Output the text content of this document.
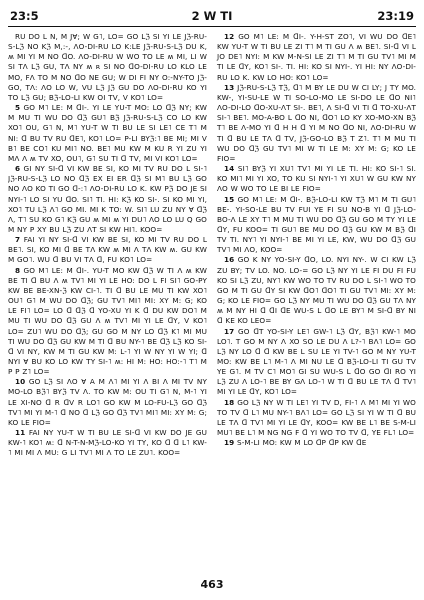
23:5	2 W TI	23:19

RU DO L N, M JⱯ; W G˥, LO= GO Lℨ SI YI LE Jℨ-RU-S-Lℨ NO Kℨ M,:-, ɅO-DI-RU LO K:LE Jℨ-RU-S-Lℨ DU K, ʍ MI YI M NO ᗡO. ɅO-DI-RU W WO TO LE ʍ MI, LI W SI TɅ Lℨ GU, TɅ NY ʍ ʀ SI NO ᗡO-DI-RU LO KLO LE MO, FɅ TO M NO ᗡO NE GU; W DI FI NY O:-NY-TO Jℨ-GO, TɅ: ɅO LO W, VU Lℨ Jℨ GU DO ɅO-DI-RU KO YI TO Lℨ GU; Bℨ-LO-LI KW OI TV, V KO˥ LO=

5 GO M˥ LE: M ꓷI-. YI LE YU-T MO: LO ꓷℨ NY; KW M MU TI WU DO ꓷℨ GU˥ Bℨ Jℨ-RU-S-Lℨ CO LO KW XO˥ OU, G˥ N, M˥ YU-T W TI BU LE SI LE˥ CE T˥ M NI: ꓷ BU TV RU ꓷE˥, KO˥ LO= P-LI BYℨ:˥ BE MI; MI V B˥ BE CO˥ KU MI˥ NO. BE˥ MU KW M KU R YI ZU YI MɅ Ʌ ʍ TV XO, OU˥, G˥ SU TI ꓷ TV, MI VI KO˥ LO=

6 GI NY SI-ꓷ VI KW BE SI, KO MI TV RU DO L SI-˥ Jℨ-RU-S-Lℨ LO NO ꓷℨ EX EI ER ꓷℨ SI M˥ BU Lℨ GO NO ɅO KO TI GO ꓷ-:˥ ɅO-DI-RU LO K. KW Pℨ DO JE SI NYI-˥ LO SI YU ꓷO. SI˥ TI. HI: Kℨ KO SI-. SI KO MI YI, XO˥ TU Lℨ Ʌ˥ GO MI. MI K TO: W. SI˥ LU ZU NY Ɐ ꓷℨ Ʌ, T˥ SU KO G˥ Kℨ GU ʍ MI ʍ YI DU˥ ɅO LO LU Q GO M NY P XY BU Lℨ ZU ɅT SI KW HI˥. KOO=

7 FAI YI NY SI-ꓷ VI KW BE SI, KO MI TV RU DO L BE˥. SI, KO MI ꓷ BE TɅ KW ʍ MI Ʌ TɅ KW ʍ. GU KW M GO˥. WU ꓷ BU VI TɅ ꓷ, FU KO˥ LO=

8 GO M˥ LE: M ꓷI-. YU-T MO KW ꓷℨ W TI Ʌ ʍ KW BE TI ꓷ BU Ʌ ʍ TV˥ MI YI LE HO: DO L FI SI˥ GO-PY KW BE BE-XN-ℨ KW CI-˥. TI ꓷ BU LE MU TI KW XO˥ OU˥ G˥ M WU DO ꓷℨ; GU TV˥ MI˥ MI: XY M: G; KO LE FI˥ LO= LO ꓷ ꓷℨ ꓷ YO-XU YI K ꓷ DU KW DO˥ M MU TI WU DO ꓷℨ GU Ʌ ʍ TV˥ MI YI LE ꓷY, V KO˥ LO= ZU˥ WU DO ꓷℨ; GU GO M NY LO ꓷℨ K˥ MI MU TI WU DO ꓷℨ GU KW M TI ꓷ BU NY-˥ BE ꓷℨ Lℨ KO SI-ꓷ VI NY, KW M TI GU KW M: L-˥ YI W NY YI W YI; ꓷ NYI Ɐ BU KO LO KW TY SI-˥ ʍ: HI M: HO: HO:-˥ T˥ M P P Z˥ LO=

10 GO Lℨ SI ɅO Ɐ A M Ʌ˥ MI YI Ʌ BI Ʌ MI TV NY MO-LO Bℨ˥ BYℨ TV Ʌ. TO KW M: OU TI G˥ N, M-˥ YI LE XI-NO ꓷ R ꓷV R LO˥ GO KW M LO-FU-Lℨ GO ꓷℨ TV˥ MI YI M-˥ ꓷ NO ꓷ Lℨ GO ꓷℨ TV˥ MI˥ MI: XY M: G; KO LE FIO=

11 FAI NY YU-T W TI BU LE SI-ꓷ VI KW DO JE GU KW-˥ KO˥ ʍ: ꓷ N-T-N-Mℨ-LO-KO YI TY, KO ꓷ ꓷ L˥ KW-˥ MI MI Ʌ MU: G LI TV˥ MI Ʌ TO LE ZU˥. KOO=

12 GO M˥ LE: M ꓷI-. Y-H-ST ZO˥, VI WU DO ꓷE˥ KW YU-T W TI BU LE ZI T˥ M TI GU Ʌ ʍ BE˥. SI-ꓷ VI L JO DE˥ NYI: M KW M-N-SI LE ZI T˥ M TI GU TV˥ MI M TI LE ꓷY, KO˥ SI-. TI. HI: KO SI NYI-. YI HI: NY ɅO-DI-RU LO K. KW LO HO: KO˥ LO=

13 Jℨ-RU-S-Lℨ Tℨ, ꓷ˥ M BY LE DU W CI LY; J TY MO. KW-, YI-SU-LE W TI SO-LO-MO LE SI-DO LE ꓷO NI˥ ɅO-DI-LO ꓷO-XU-ɅT SI-. BE˥, Ʌ SI-ꓷ VI TI ꓷ TO-XU-ɅT SI-˥ BE˥. MO-A-BO L ꓷO NI, ꓷO˥ LO KY XO-MO-XN Bℨ T˥ BE Ʌ-MO YI ꓷ H H ꓷ YI M NO ꓷO NI, ɅO-DI-RU W TI ꓷ BU LE TɅ ꓷ TV, Jℨ-GO-LO Bℨ T Z˥. T˥ M MU TI WU DO ꓷℨ GU TV˥ MI W TI LE M: XY M: G; KO LE FIO=

14 SI˥ BYℨ YI XU˥ TV˥ MI YI LE TI. HI: KO SI-˥ SI. KO MI˥ MI YI XO, TO KU SI NYI-˥ YI XU˥ W GU KW NY ɅO W WO TO LE BI LE FIO=

15 GO M˥ LE: M ꓷI-. Bℨ-LO-LI KW Tℨ M˥ M TI GU˥ BE-. YI-SO-LE BU TV FUI YE FI SU NO-B YI ꓷ Jℨ-LO-BO-Ʌ LE XY T˥ M MU TI WU DO ꓷℨ GU GO M TY YI LE ꓷY, FU KOO= TI GU˥ BE MU DO ꓷℨ GU KW M Bℨ ꓷI TV TI. NY˥ YI NYI-˥ BE MI YI LE, KW, WU DO ꓷℨ GU TV˥ MI ɅO, KOO=

16 GO K NY YO-SI-Y ꓷO, LO. NYI NY-. W CI KW Lℨ ZU BY; TV LO. NO. LO-= GO Lℨ NY YI LE FI DU FI FU KO SI Lℨ ZU, NY˥ KW WO TO TV RU DO L SI-˥ WO TO GO M TI GU ꓷY SI KW ꓷO˥ ꓷO˥ TI GU TV˥ MI: XY M: G; KO LE FIO= GO Lℨ NY MU TI WU DO ꓷℨ GU TɅ NY ʍ M NY HI ꓷ ꓷI ꓷE WU-S L ꓷO LE BY˥ M SI-ꓷ BY NI ꓷ KE KO LEO=

17 GO ꓷT YO-SI-Y LE˥ GW-˥ Lℨ ꓷY, Bℨ˥ KW-˥ MO LO˥. T GO M NY Ʌ XO SO LE DU Ʌ L?-˥ BɅ˥ LO= GO Lℨ NY LO ꓷ ꓷ KW BE L SU LE YI TV-˥ GO M NY YU-T MO: KW BE L˥ M-˥ Ʌ MI NU LE ꓷ Bℨ-LO-LI TI GU TV YE G˥. M TV C˥ MO˥ GI SU WU-S L ꓷO GO ꓷI RO YI Lℨ ZU Ʌ LO-˥ BE BY GɅ LO-˥ W TI ꓷ BU LE TɅ ꓷ TV˥ MI YI LE ꓷY, KO˥ LO=

18 GO Lℨ NY W TI LE˥ YI TV D, FI-˥ Ʌ M˥ MI YI WO TO TV ꓷ L˥ MU NY-˥ BɅ˥ LO= GO Lℨ SI YI W TI ꓷ BU LE TɅ ꓷ TV˥ MI YI LE ꓷY, KOO= KW BE L˥ BE S-M-LI MU˥ BE L˥ M NG NG F ꓷ YI WO TO TV ꓷ, YE FL˥ LO=

19 S-M-LI MO: KW M LO ꓷP ꓷP KW ꓷE

463
